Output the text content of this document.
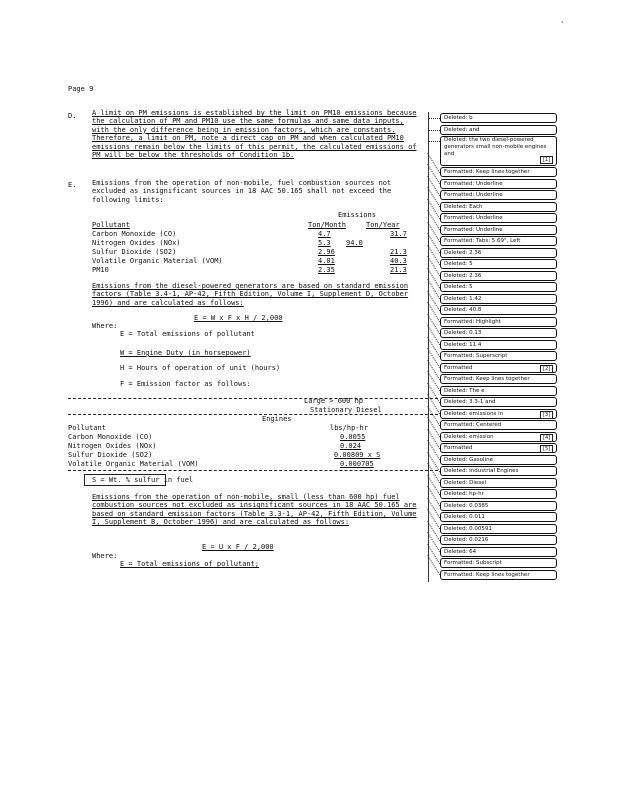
Page 9
'
D. A limit on PM emissions is established by the limit on PM10 emissions because the calculation of PM and PM10 use the same formulas and same data inputs, with the only difference being in emission factors, which are constants. Therefore, a limit on PM, note a direct cap on PM and when calculated PM10 emissions remain below the limits of this permit, the calculated emissions of PM will be below the thresholds of Condition 1b.
E. Emissions from the operation of non-mobile, fuel combustion sources not excluded as insignificant sources in 18 AAC 50.165 shall not exceed the following limits:
Emissions
Pollutant	Ton/Month	Ton/Year
Carbon Monoxide (CO)	4.7	31.7
Nitrogen Oxides (NOx)	5.3 94.0
Sulfur Dioxide (SO2)	2.96	21.3
Volatile Organic Material (VOM)	4.01	40.3
PM10	2.35	21.3
Emissions from the diesel-powered generators are based on standard emission factors (Table 3.4-1, AP-42, Fifth Edition, Volume I, Supplement D, October 1996) and are calculated as follows:
E = W x F x H / 2,000
Where:
E = Total emissions of pollutant
W = Engine Duty (in horsepower)
H = Hours of operation of unit (hours)
F = Emission factor as follows:
Large > 600 hp
Stationary Diesel
Engines
Pollutant	lbs/hp-hr
Carbon Monoxide (CO)	0.0055
Nitrogen Oxides (NOx)	0.024
Sulfur Dioxide (SO2)	0.00809 x S
Volatile Organic Material (VOM)	0.000705
S = Wt. % sulfur in fuel
Emissions from the operation of non-mobile, small (less than 600 hp) fuel combustion sources not excluded as insignificant sources in 18 AAC 50.165 are based on standard emission factors (Table 3.3-1, AP-42, Fifth Edition, Volume I, Supplement B, October 1996) and are calculated as follows:
E = U x F / 2,000
Where:
E = Total emissions of pollutant;
Deleted: b
Deleted: and
Deleted: the two diesel-powered generators small non-mobile engines and
Formatted: Keep lines together
Formatted: Underline
Formatted: Underline
Deleted: Each
Formatted: Underline
Formatted: Underline
Formatted: Tabs: 5.69", Left
Deleted: 2.36
Deleted: 5
Deleted: 2.36
Deleted: 5
Deleted: 1.42
Deleted: 40.8
Formatted: Highlight
Deleted: 0.13
Deleted: 11.4
Formatted: Superscript
Formatted
Formatted: Keep lines together
Deleted: The e
Deleted: 3.3-1 and
Deleted: emissions in
Formatted: Centered
Deleted: emission
Formatted
Deleted: Gasoline
Deleted: Industrial Engines
Deleted: Diesel
Deleted: hp-hr
Deleted: 0.0385
Deleted: 0.011
Deleted: 0.00591
Deleted: 0.0216
Deleted: 64
Formatted: Subscript
Formatted: Keep lines together
[1]
[2]
[3]
[4]
[5]
